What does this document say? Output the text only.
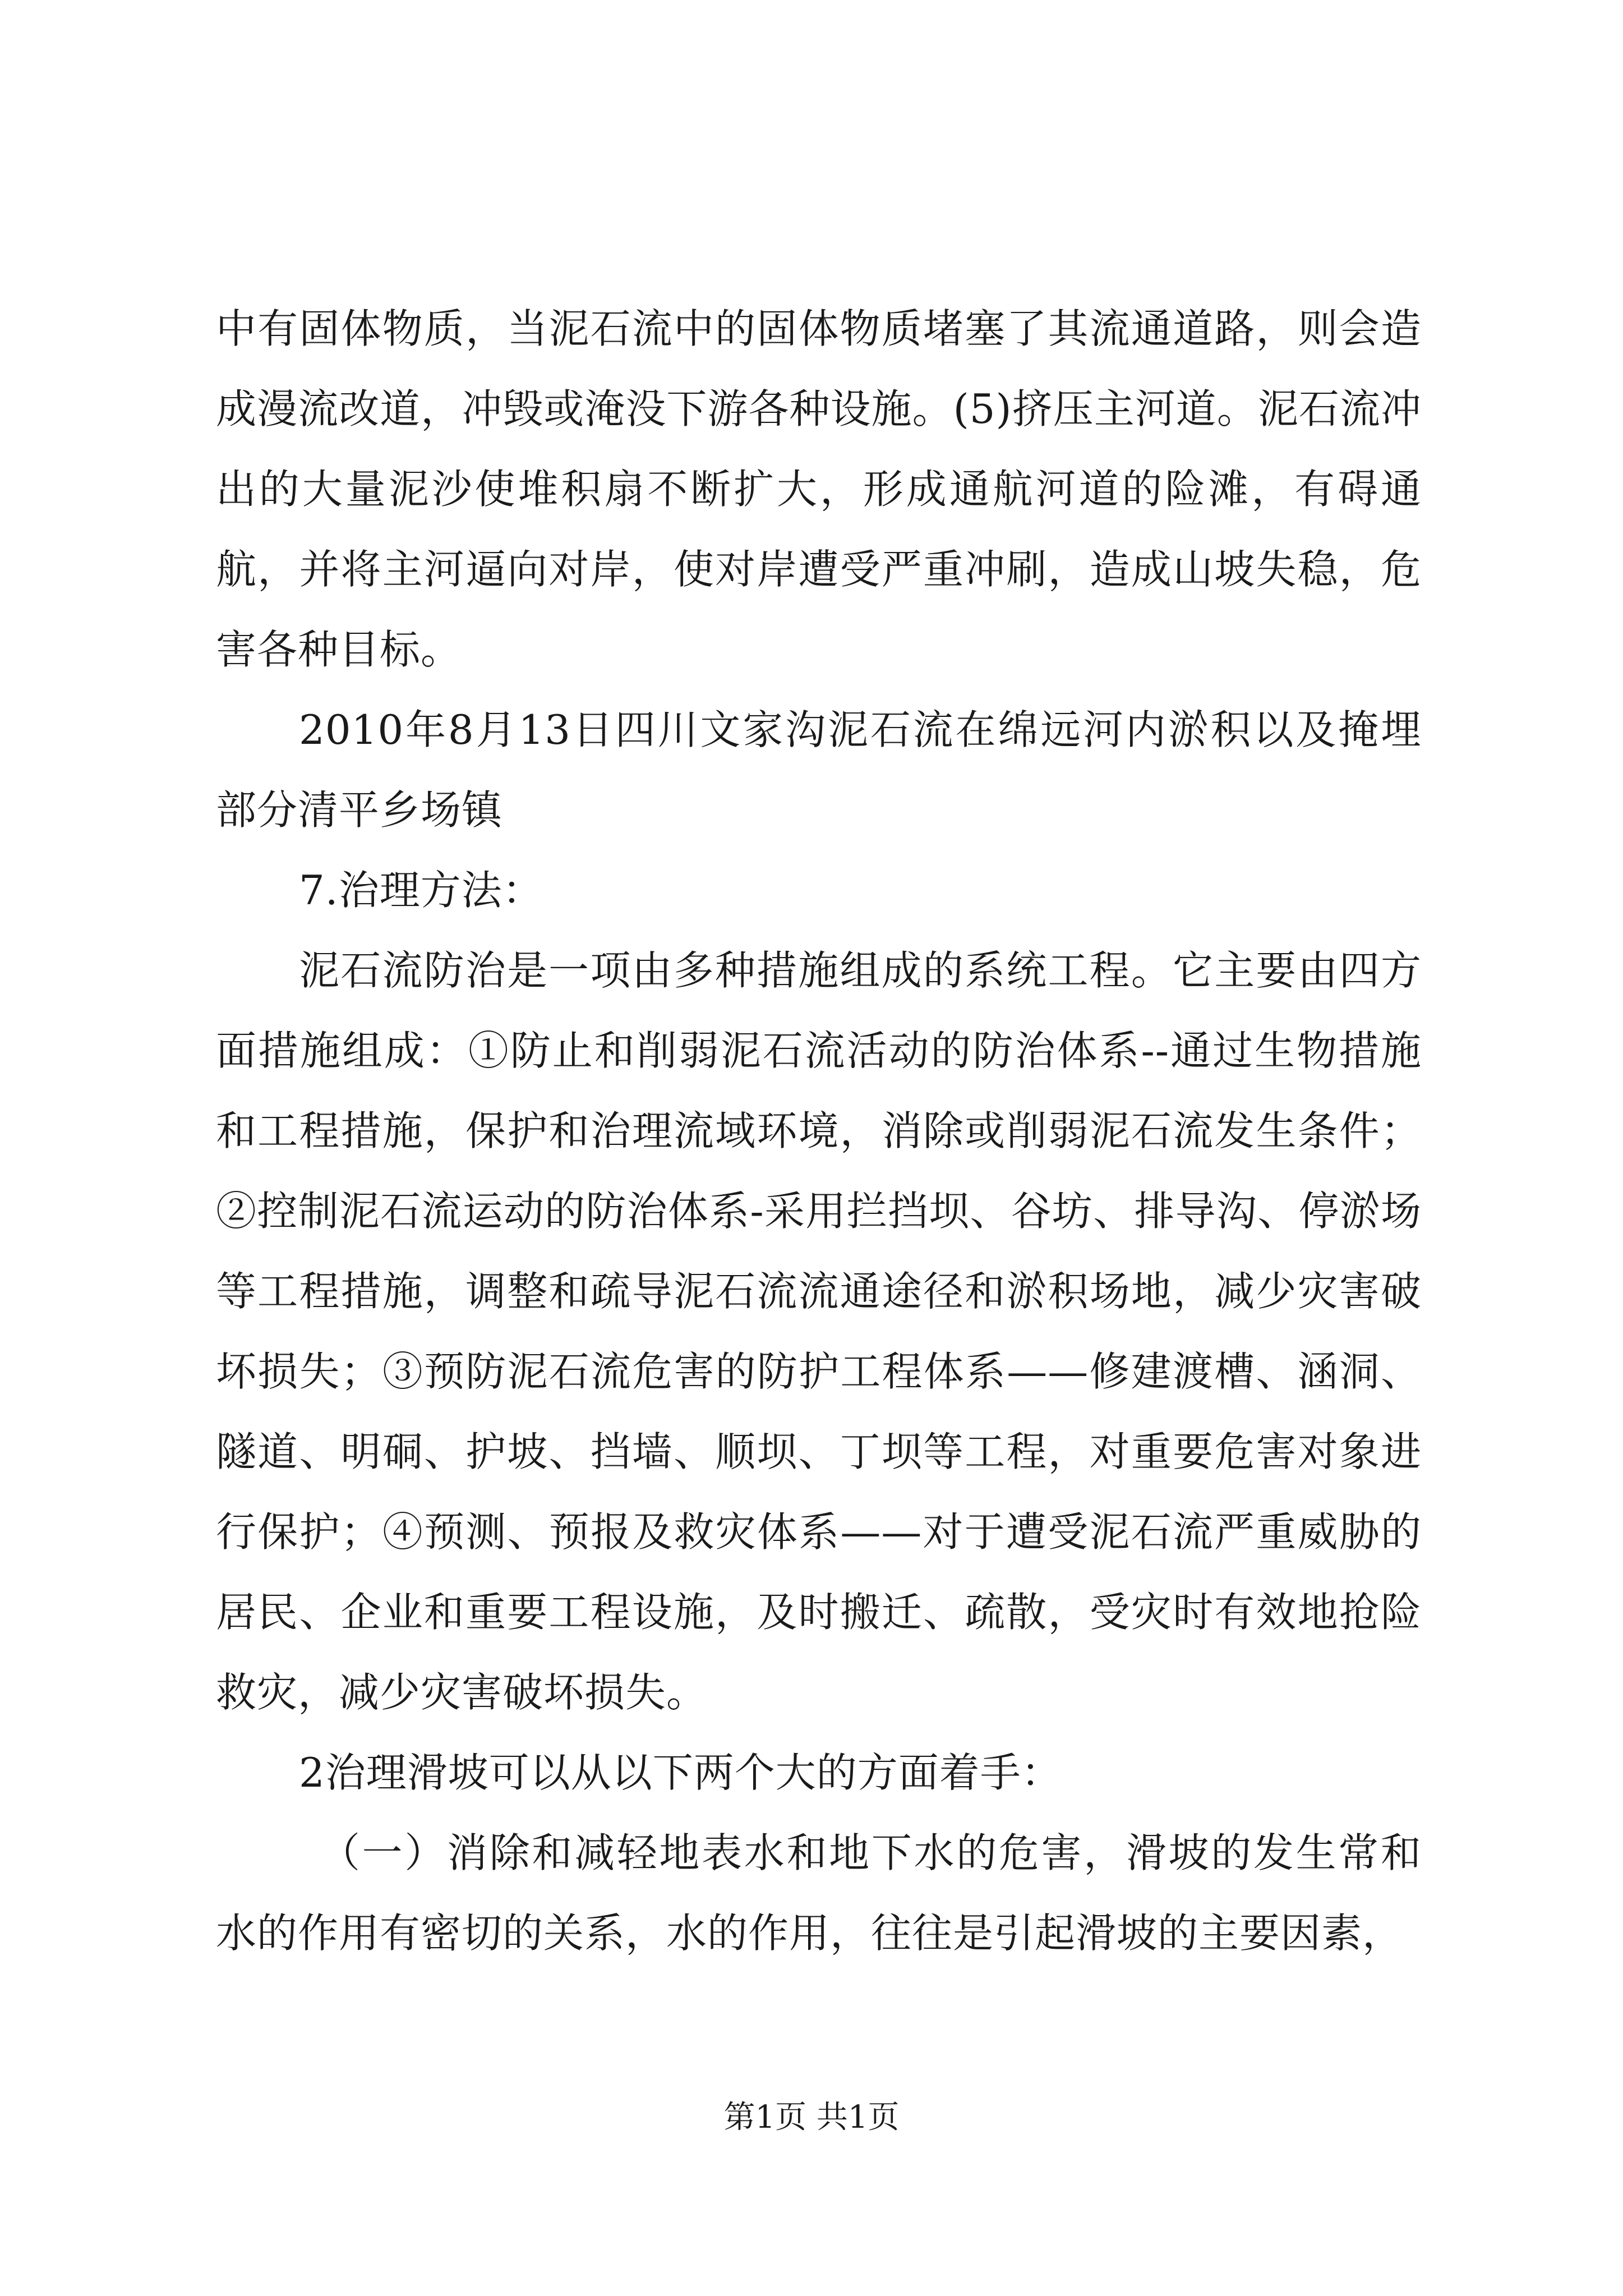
中有固体物质，当泥石流中的固体物质堵塞了其流通道路，则会造成漫流改道，冲毁或淹没下游各种设施。(5)挤压主河道。泥石流冲出的大量泥沙使堆积扇不断扩大，形成通航河道的险滩，有碍通航，并将主河逼向对岸，使对岸遭受严重冲刷，造成山坡失稳，危害各种目标。

2010年8月13日四川文家沟泥石流在绵远河内淤积以及掩埋部分清平乡场镇

7.治理方法：

泥石流防治是一项由多种措施组成的系统工程。它主要由四方面措施组成：①防止和削弱泥石流活动的防治体系--通过生物措施和工程措施，保护和治理流域环境，消除或削弱泥石流发生条件；②控制泥石流运动的防治体系-采用拦挡坝、谷坊、排导沟、停淤场等工程措施，调整和疏导泥石流流通途径和淤积场地，减少灾害破坏损失；③预防泥石流危害的防护工程体系——修建渡槽、涵洞、隧道、明硐、护坡、挡墙、顺坝、丁坝等工程，对重要危害对象进行保护；④预测、预报及救灾体系——对于遭受泥石流严重威胁的居民、企业和重要工程设施，及时搬迁、疏散，受灾时有效地抢险救灾，减少灾害破坏损失。

2治理滑坡可以从以下两个大的方面着手：

（一）消除和减轻地表水和地下水的危害，滑坡的发生常和水的作用有密切的关系，水的作用，往往是引起滑坡的主要因素，

第1页 共1页
